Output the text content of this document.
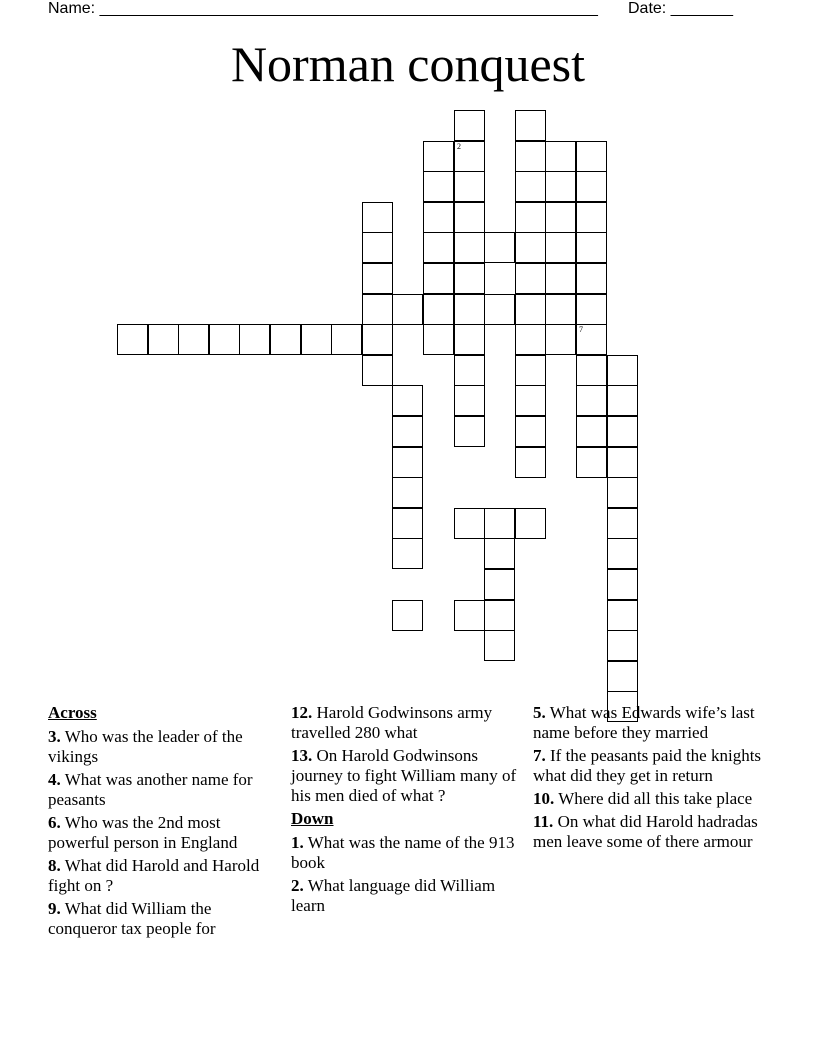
Name: ________________________________________________________ Date: _______
Norman conquest
2
7
Across
3. Who was the leader of the vikings
4. What was another name for peasants
6. Who was the 2nd most powerful person in England
8. What did Harold and Harold fight on ?
9. What did William the conqueror tax people for
12. Harold Godwinsons army travelled 280 what
13. On Harold Godwinsons journey to fight William many of his men died of what ?
Down
1. What was the name of the 913 book
2. What language did William learn
5. What was Edwards wife’s last name before they married
7. If the peasants paid the knights what did they get in return
10. Where did all this take place
11. On what did Harold hadradas men leave some of there armour
